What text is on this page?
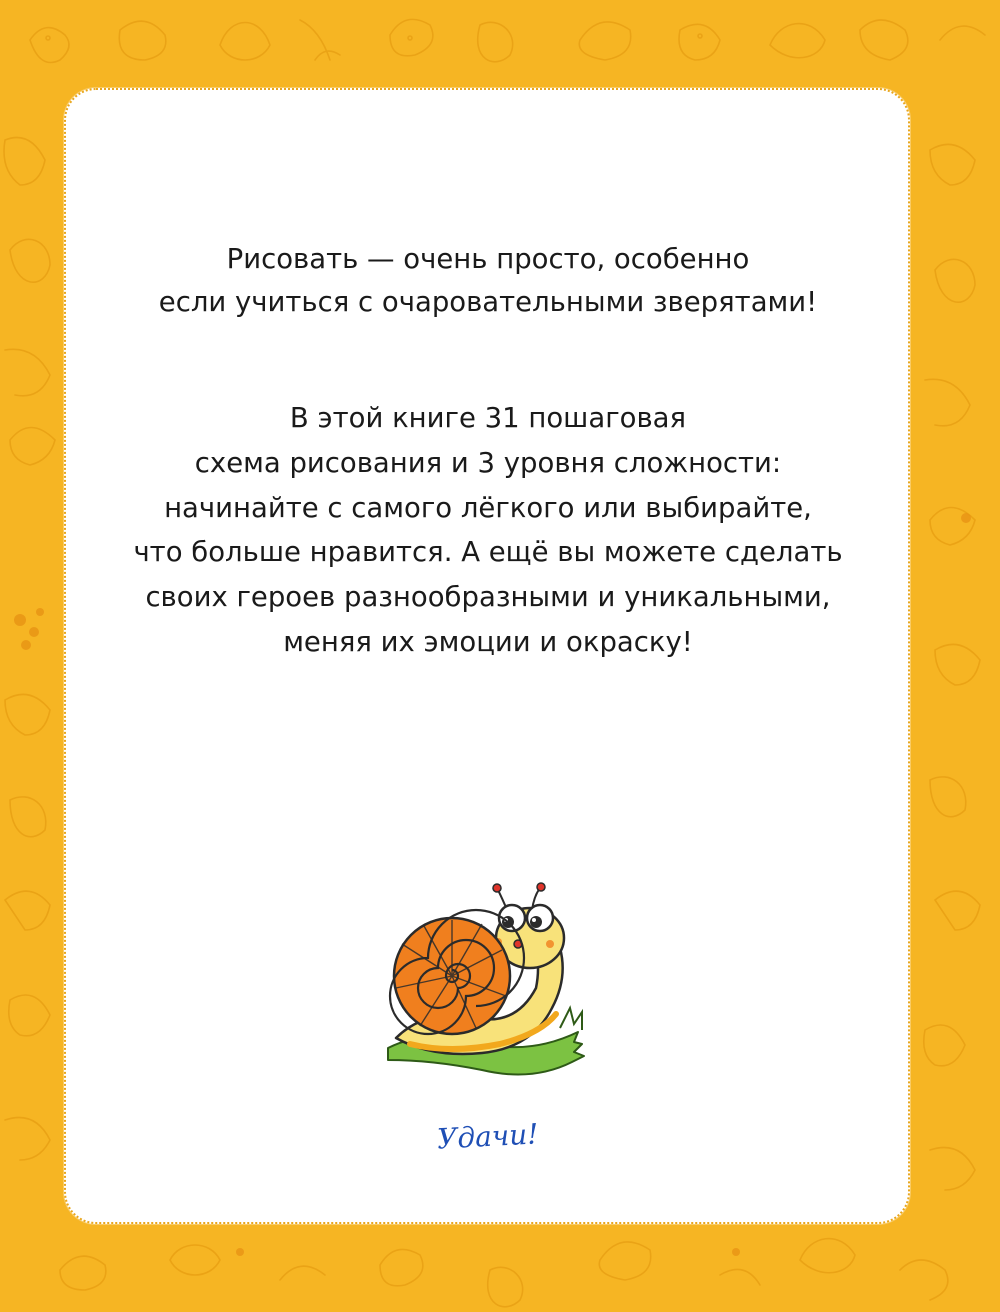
Рисовать — очень просто, особенно
если учиться с очаровательными зверятами!

В этой книге 31 пошаговая
схема рисования и 3 уровня сложности:
начинайте с самого лёгкого или выбирайте,
что больше нравится. А ещё вы можете сделать
своих героев разнообразными и уникальными,
меняя их эмоции и окраску!

Удачи!
